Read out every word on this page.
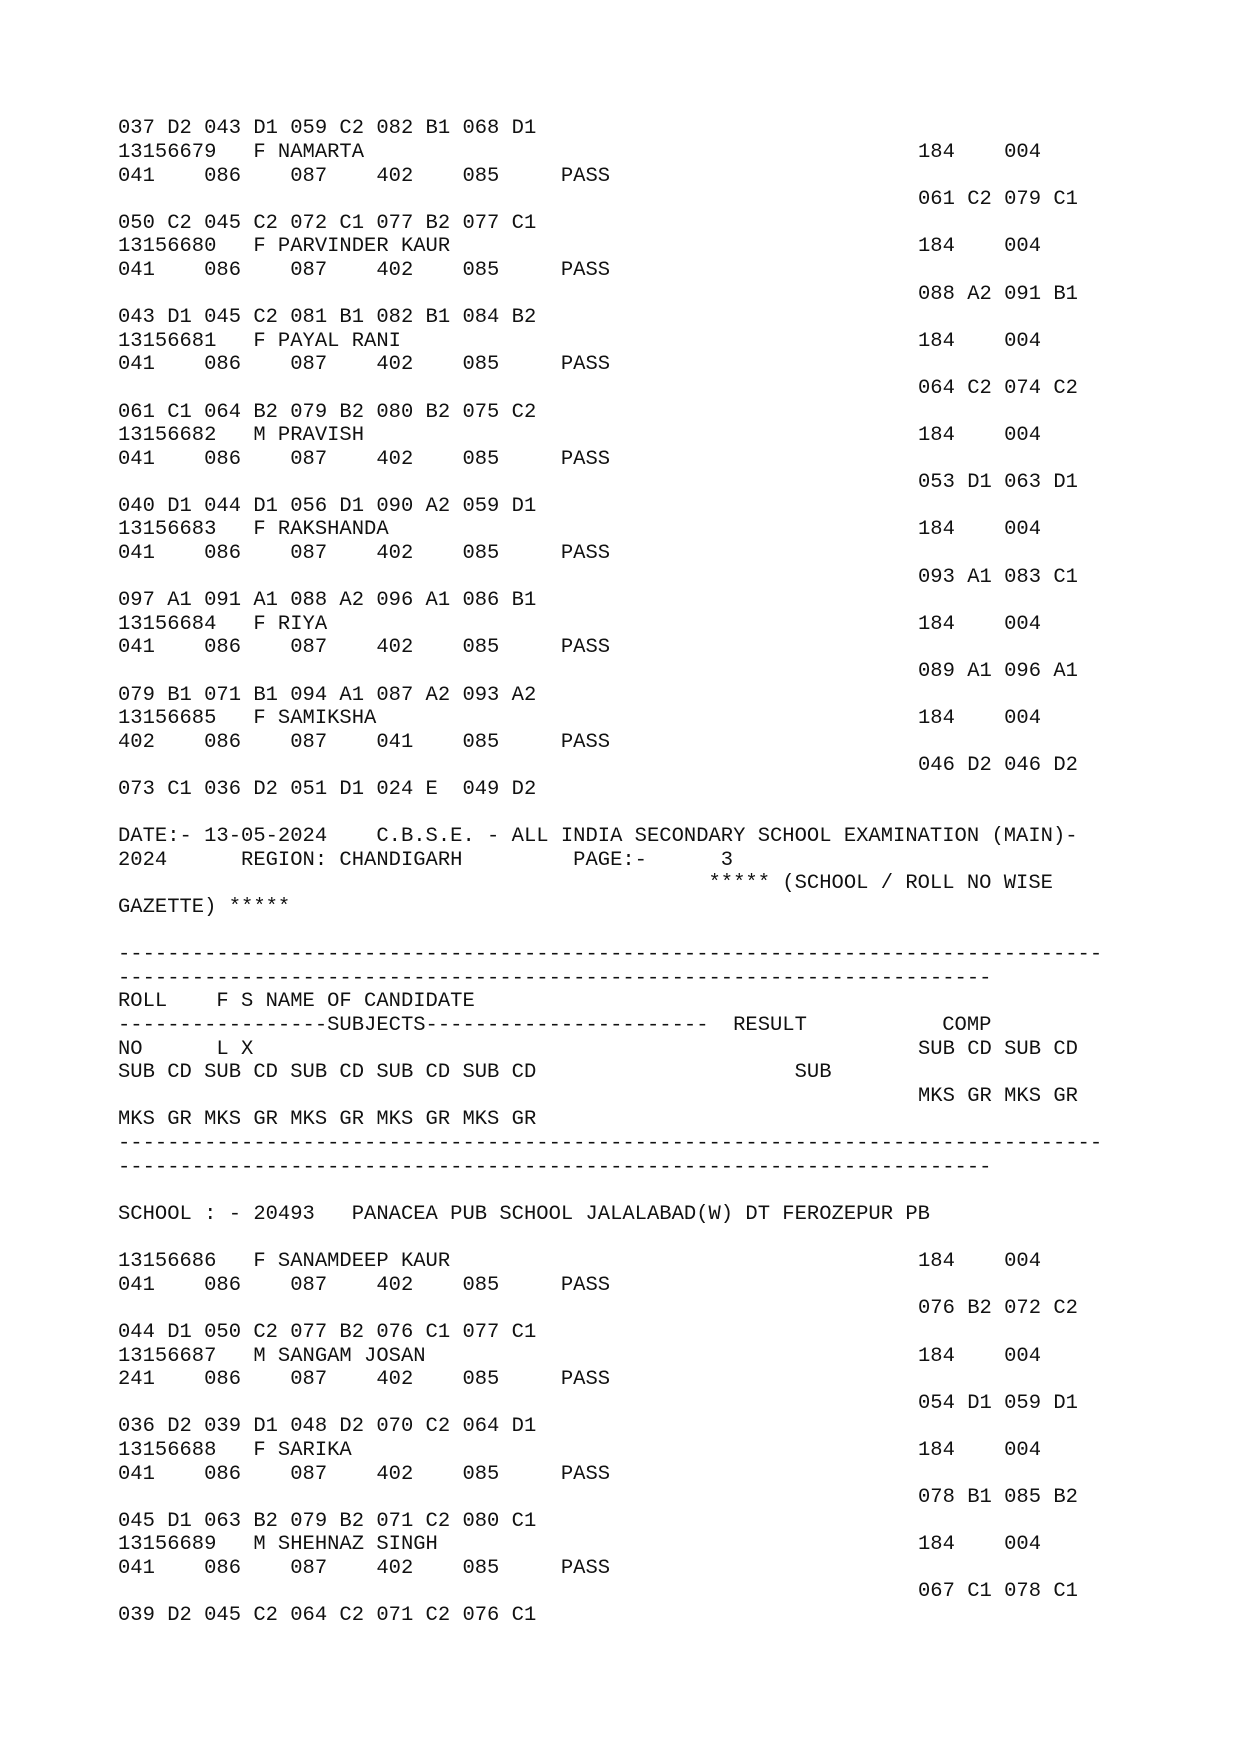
037 D2 043 D1 059 C2 082 B1 068 D1
13156679   F NAMARTA	184    004
041    086    087    402    085     PASS
061 C2 079 C1
050 C2 045 C2 072 C1 077 B2 077 C1
13156680   F PARVINDER KAUR	184    004
041    086    087    402    085     PASS
088 A2 091 B1
043 D1 045 C2 081 B1 082 B1 084 B2
13156681   F PAYAL RANI	184    004
041    086    087    402    085     PASS
064 C2 074 C2
061 C1 064 B2 079 B2 080 B2 075 C2
13156682   M PRAVISH	184    004
041    086    087    402    085     PASS
053 D1 063 D1
040 D1 044 D1 056 D1 090 A2 059 D1
13156683   F RAKSHANDA	184    004
041    086    087    402    085     PASS
093 A1 083 C1
097 A1 091 A1 088 A2 096 A1 086 B1
13156684   F RIYA	184    004
041    086    087    402    085     PASS
089 A1 096 A1
079 B1 071 B1 094 A1 087 A2 093 A2
13156685   F SAMIKSHA	184    004
402    086    087    041    085     PASS
046 D2 046 D2
073 C1 036 D2 051 D1 024 E  049 D2
DATE:- 13-05-2024    C.B.S.E. - ALL INDIA SECONDARY SCHOOL EXAMINATION (MAIN)-
2024      REGION: CHANDIGARH         PAGE:-      3
***** (SCHOOL / ROLL NO WISE
GAZETTE) *****
--------------------------------------------------------------------------------
-----------------------------------------------------------------------
ROLL    F S NAME OF CANDIDATE
-----------------SUBJECTS-----------------------  RESULT           COMP
NO      L X	SUB CD SUB CD
SUB CD SUB CD SUB CD SUB CD SUB CD                     SUB
MKS GR MKS GR
MKS GR MKS GR MKS GR MKS GR MKS GR
--------------------------------------------------------------------------------
-----------------------------------------------------------------------
SCHOOL : - 20493   PANACEA PUB SCHOOL JALALABAD(W) DT FEROZEPUR PB
13156686   F SANAMDEEP KAUR	184    004
041    086    087    402    085     PASS
076 B2 072 C2
044 D1 050 C2 077 B2 076 C1 077 C1
13156687   M SANGAM JOSAN	184    004
241    086    087    402    085     PASS
054 D1 059 D1
036 D2 039 D1 048 D2 070 C2 064 D1
13156688   F SARIKA	184    004
041    086    087    402    085     PASS
078 B1 085 B2
045 D1 063 B2 079 B2 071 C2 080 C1
13156689   M SHEHNAZ SINGH	184    004
041    086    087    402    085     PASS
067 C1 078 C1
039 D2 045 C2 064 C2 071 C2 076 C1
